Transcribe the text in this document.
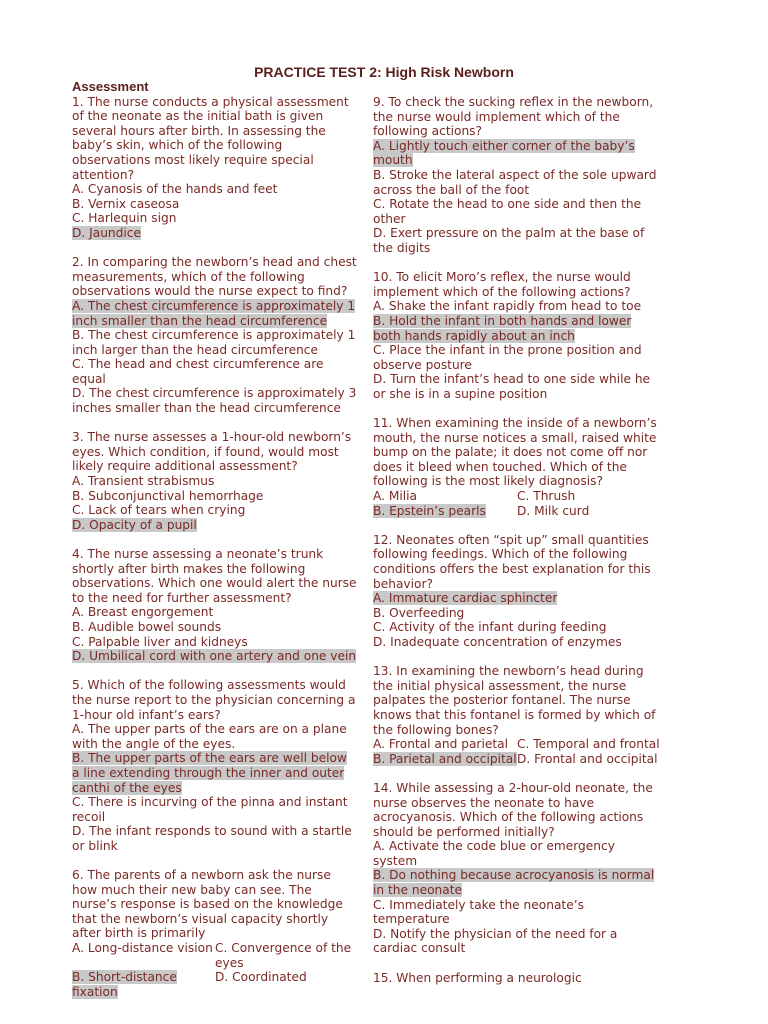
PRACTICE TEST 2: High Risk Newborn
Assessment
1. The nurse conducts a physical assessment of the neonate as the initial bath is given several hours after birth. In assessing the baby’s skin, which of the following observations most likely require special attention?
A. Cyanosis of the hands and feet
B. Vernix caseosa
C. Harlequin sign
D. Jaundice
2. In comparing the newborn’s head and chest measurements, which of the following observations would the nurse expect to find?
A. The chest circumference is approximately 1 inch smaller than the head circumference
B. The chest circumference is approximately 1 inch larger than the head circumference
C. The head and chest circumference are equal
D. The chest circumference is approximately 3 inches smaller than the head circumference
3. The nurse assesses a 1-hour-old newborn’s eyes. Which condition, if found, would most likely require additional assessment?
A. Transient strabismus
B. Subconjunctival hemorrhage
C. Lack of tears when crying
D. Opacity of a pupil
4. The nurse assessing a neonate’s trunk shortly after birth makes the following observations. Which one would alert the nurse to the need for further assessment?
A. Breast engorgement
B. Audible bowel sounds
C. Palpable liver and kidneys
D. Umbilical cord with one artery and one vein
5. Which of the following assessments would the nurse report to the physician concerning a 1-hour old infant’s ears?
A. The upper parts of the ears are on a plane with the angle of the eyes.
B. The upper parts of the ears are well below a line extending through the inner and outer canthi of the eyes
C. There is incurving of the pinna and instant recoil
D. The infant responds to sound with a startle or blink
6. The parents of a newborn ask the nurse how much their new baby can see. The nurse’s response is based on the knowledge that the newborn’s visual capacity shortly after birth is primarily
A. Long-distance vision C. Convergence of the eyes
B. Short-distance fixation
D. Coordinated
9. To check the sucking reflex in the newborn, the nurse would implement which of the following actions?
A. Lightly touch either corner of the baby’s mouth
B. Stroke the lateral aspect of the sole upward across the ball of the foot
C. Rotate the head to one side and then the other
D. Exert pressure on the palm at the base of the digits
10. To elicit Moro’s reflex, the nurse would implement which of the following actions?
A. Shake the infant rapidly from head to toe
B. Hold the infant in both hands and lower both hands rapidly about an inch
C. Place the infant in the prone position and observe posture
D. Turn the infant’s head to one side while he or she is in a supine position
11. When examining the inside of a newborn’s mouth, the nurse notices a small, raised white bump on the palate; it does not come off nor does it bleed when touched. Which of the following is the most likely diagnosis?
A. Milia	C. Thrush
B. Epstein’s pearls	D. Milk curd
12. Neonates often “spit up” small quantities following feedings. Which of the following conditions offers the best explanation for this behavior?
A. Immature cardiac sphincter
B. Overfeeding
C. Activity of the infant during feeding
D. Inadequate concentration of enzymes
13. In examining the newborn’s head during the initial physical assessment, the nurse palpates the posterior fontanel. The nurse knows that this fontanel is formed by which of the following bones?
A. Frontal and parietal C. Temporal and frontal
B. Parietal and occipital D. Frontal and occipital
14. While assessing a 2-hour-old neonate, the nurse observes the neonate to have acrocyanosis. Which of the following actions should be performed initially?
A. Activate the code blue or emergency system
B. Do nothing because acrocyanosis is normal in the neonate
C. Immediately take the neonate’s temperature
D. Notify the physician of the need for a cardiac consult
15. When performing a neurologic
